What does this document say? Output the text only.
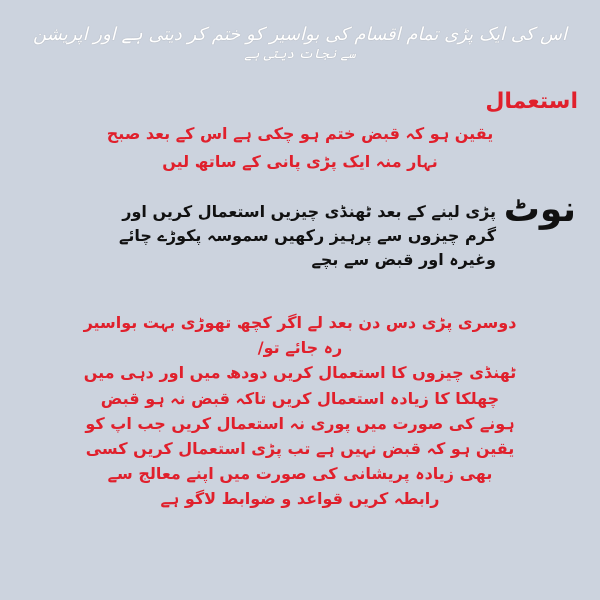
اس کی ایک پڑی تمام اقسام کی بواسیر کو ختم کر دیتی ہے اور اپریشن
سے نجات دیتی ہے
استعمال
یقین ہو کہ قبض ختم ہو چکی ہے اس کے بعد صبح
نہار منہ ایک پڑی پانی کے ساتھ لیں
نوٹ
پڑی لینے کے بعد ٹھنڈی چیزیں استعمال کریں اور
گرم چیزوں سے پرہیز رکھیں سموسہ پکوڑے چائے
وغیرہ اور قبض سے بچے
دوسری پڑی دس دن بعد لے اگر کچھ تھوڑی بہت بواسیر
رہ جائے تو/
ٹھنڈی چیزوں کا استعمال کریں دودھ میں اور دہی میں
چھلکا کا زیادہ استعمال کریں تاکہ قبض نہ ہو قبض
ہونے کی صورت میں پوری نہ استعمال کریں جب اپ کو
یقین ہو کہ قبض نہیں ہے تب پڑی استعمال کریں کسی
بھی زیادہ پریشانی کی صورت میں اپنے معالج سے
رابطہ کریں قواعد و ضوابط لاگو ہے
